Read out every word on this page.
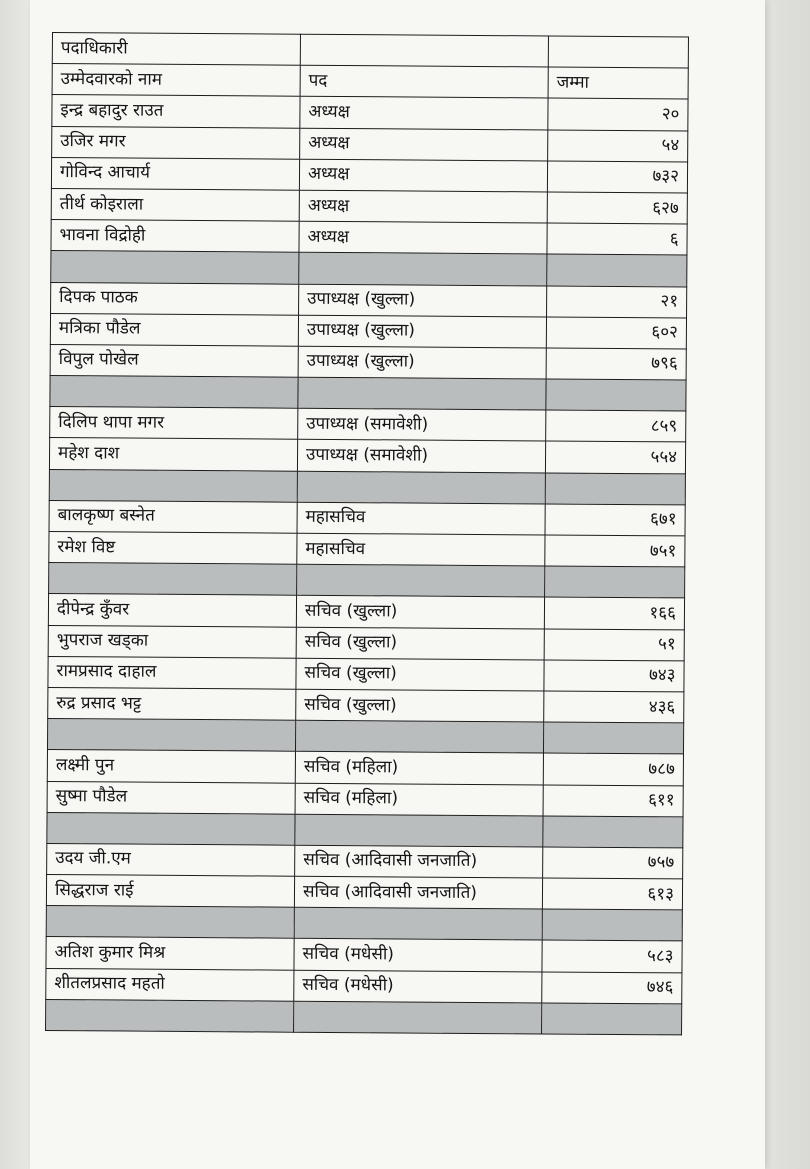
पदाधिकारी		
उम्मेदवारको नाम	पद	जम्मा
इन्द्र बहादुर राउत	अध्यक्ष	२०
उजिर मगर	अध्यक्ष	५४
गोविन्द आचार्य	अध्यक्ष	७३२
तीर्थ कोइराला	अध्यक्ष	६२७
भावना विद्रोही	अध्यक्ष	६

दिपक पाठक	उपाध्यक्ष (खुल्ला)	२१
मत्रिका पौडेल	उपाध्यक्ष (खुल्ला)	६०२
विपुल पोखेल	उपाध्यक्ष (खुल्ला)	७९६

दिलिप थापा मगर	उपाध्यक्ष (समावेशी)	८५९
महेश दाश	उपाध्यक्ष (समावेशी)	५५४

बालकृष्ण बस्नेत	महासचिव	६७१
रमेश विष्ट	महासचिव	७५१

दीपेन्द्र कुँवर	सचिव (खुल्ला)	१६६
भुपराज खड्का	सचिव (खुल्ला)	५१
रामप्रसाद दाहाल	सचिव (खुल्ला)	७४३
रुद्र प्रसाद भट्ट	सचिव (खुल्ला)	४३६

लक्ष्मी पुन	सचिव (महिला)	७८७
सुष्मा पौडेल	सचिव (महिला)	६११

उदय जी.एम	सचिव (आदिवासी जनजाति)	७५७
सिद्धराज राई	सचिव (आदिवासी जनजाति)	६१३

अतिश कुमार मिश्र	सचिव (मधेसी)	५८३
शीतलप्रसाद महतो	सचिव (मधेसी)	७४६
